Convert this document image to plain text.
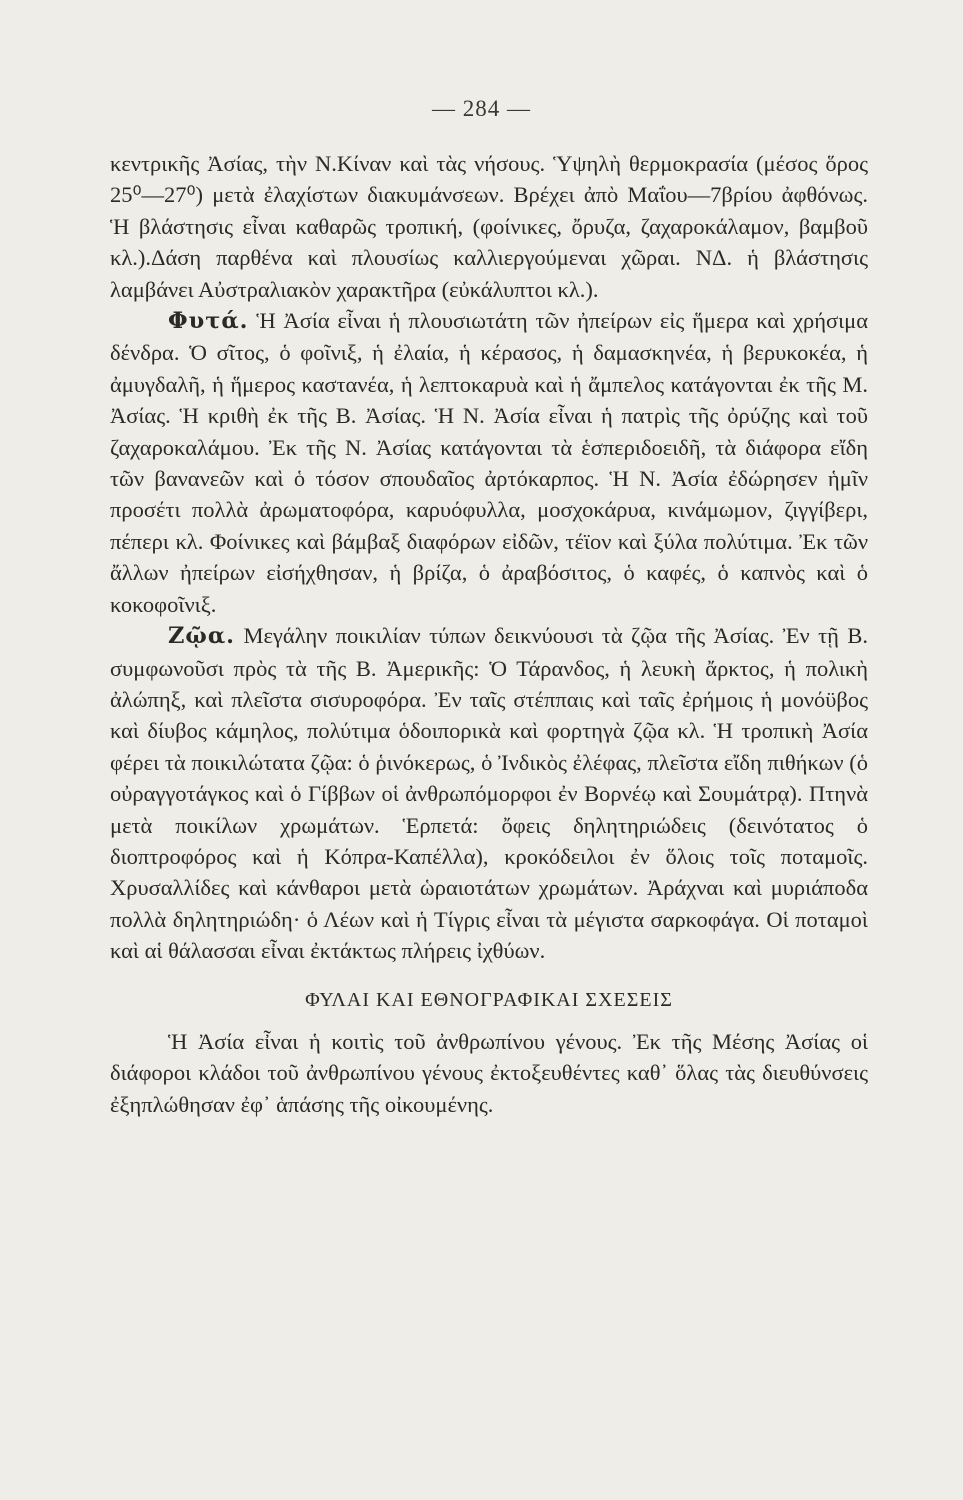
— 284 —

κεντρικῆς Ἀσίας, τὴν Ν.Κίναν καὶ τὰς νήσους. Ὑψηλὴ θερμοκρασία (μέσος ὅρος 25⁰—27⁰) μετὰ ἐλαχίστων διακυμάνσεων. Βρέχει ἀπὸ Μαΐου—7βρίου ἀφθόνως. Ἡ βλάστησις εἶναι καθαρῶς τροπική, (φοίνικες, ὄρυζα, ζαχαροκάλαμον, βαμβοῦ κλ.).Δάση παρθένα καὶ πλουσίως καλλιεργούμεναι χῶραι. ΝΔ. ἡ βλάστησις λαμβάνει Αὐστραλιακὸν χαρακτῆρα (εὐκάλυπτοι κλ.).

Φυτά. Ἡ Ἀσία εἶναι ἡ πλουσιωτάτη τῶν ἠπείρων εἰς ἥμερα καὶ χρήσιμα δένδρα. Ὁ σῖτος, ὁ φοῖνιξ, ἡ ἐλαία, ἡ κέρασος, ἡ δαμασκηνέα, ἡ βερυκοκέα, ἡ ἀμυγδαλῆ, ἡ ἥμερος καστανέα, ἡ λεπτοκαρυὰ καὶ ἡ ἄμπελος κατάγονται ἐκ τῆς Μ. Ἀσίας. Ἡ κριθὴ ἐκ τῆς Β. Ἀσίας. Ἡ Ν. Ἀσία εἶναι ἡ πατρὶς τῆς ὀρύζης καὶ τοῦ ζαχαροκαλάμου. Ἐκ τῆς Ν. Ἀσίας κατάγονται τὰ ἑσπεριδοειδῆ, τὰ διάφορα εἴδη τῶν βανανεῶν καὶ ὁ τόσον σπουδαῖος ἀρτόκαρπος. Ἡ Ν. Ἀσία ἐδώρησεν ἡμῖν προσέτι πολλὰ ἀρωματοφόρα, καρυόφυλλα, μοσχοκάρυα, κινάμωμον, ζιγγίβερι, πέπερι κλ. Φοίνικες καὶ βάμβαξ διαφόρων εἰδῶν, τέϊον καὶ ξύλα πολύτιμα. Ἐκ τῶν ἄλλων ἠπείρων εἰσήχθησαν, ἡ βρίζα, ὁ ἀραβόσιτος, ὁ καφές, ὁ καπνὸς καὶ ὁ κοκοφοῖνιξ.

Ζῷα. Μεγάλην ποικιλίαν τύπων δεικνύουσι τὰ ζῷα τῆς Ἀσίας. Ἐν τῇ Β. συμφωνοῦσι πρὸς τὰ τῆς Β. Ἀμερικῆς: Ὁ Τάρανδος, ἡ λευκὴ ἄρκτος, ἡ πολικὴ ἀλώπηξ, καὶ πλεῖστα σισυροφόρα. Ἐν ταῖς στέππαις καὶ ταῖς ἐρήμοις ἡ μονόϋβος καὶ δίυβος κάμηλος, πολύτιμα ὁδοιπορικὰ καὶ φορτηγὰ ζῷα κλ. Ἡ τροπικὴ Ἀσία φέρει τὰ ποικιλώτατα ζῷα: ὁ ῥινόκερως, ὁ Ἰνδικὸς ἐλέφας, πλεῖστα εἴδη πιθήκων (ὁ οὐραγγοτάγκος καὶ ὁ Γίββων οἱ ἀνθρωπόμορφοι ἐν Βορνέῳ καὶ Σουμάτρᾳ). Πτηνὰ μετὰ ποικίλων χρωμάτων. Ἑρπετά: ὄφεις δηλητηριώδεις (δεινότατος ὁ διοπτροφόρος καὶ ἡ Κόπρα-Καπέλλα), κροκόδειλοι ἐν ὅλοις τοῖς ποταμοῖς. Χρυσαλλίδες καὶ κάνθαροι μετὰ ὡραιοτάτων χρωμάτων. Ἀράχναι καὶ μυριάποδα πολλὰ δηλητηριώδη· ὁ Λέων καὶ ἡ Τίγρις εἶναι τὰ μέγιστα σαρκοφάγα. Οἱ ποταμοὶ καὶ αἱ θάλασσαι εἶναι ἐκτάκτως πλήρεις ἰχθύων.

ΦΥΛΑΙ ΚΑΙ ΕΘΝΟΓΡΑΦΙΚΑΙ ΣΧΕΣΕΙΣ

Ἡ Ἀσία εἶναι ἡ κοιτὶς τοῦ ἀνθρωπίνου γένους. Ἐκ τῆς Μέσης Ἀσίας οἱ διάφοροι κλάδοι τοῦ ἀνθρωπίνου γένους ἐκτοξευθέντες καθ᾽ ὅλας τὰς διευθύνσεις ἐξηπλώθησαν ἐφ᾽ ἁπάσης τῆς οἰκουμένης.
